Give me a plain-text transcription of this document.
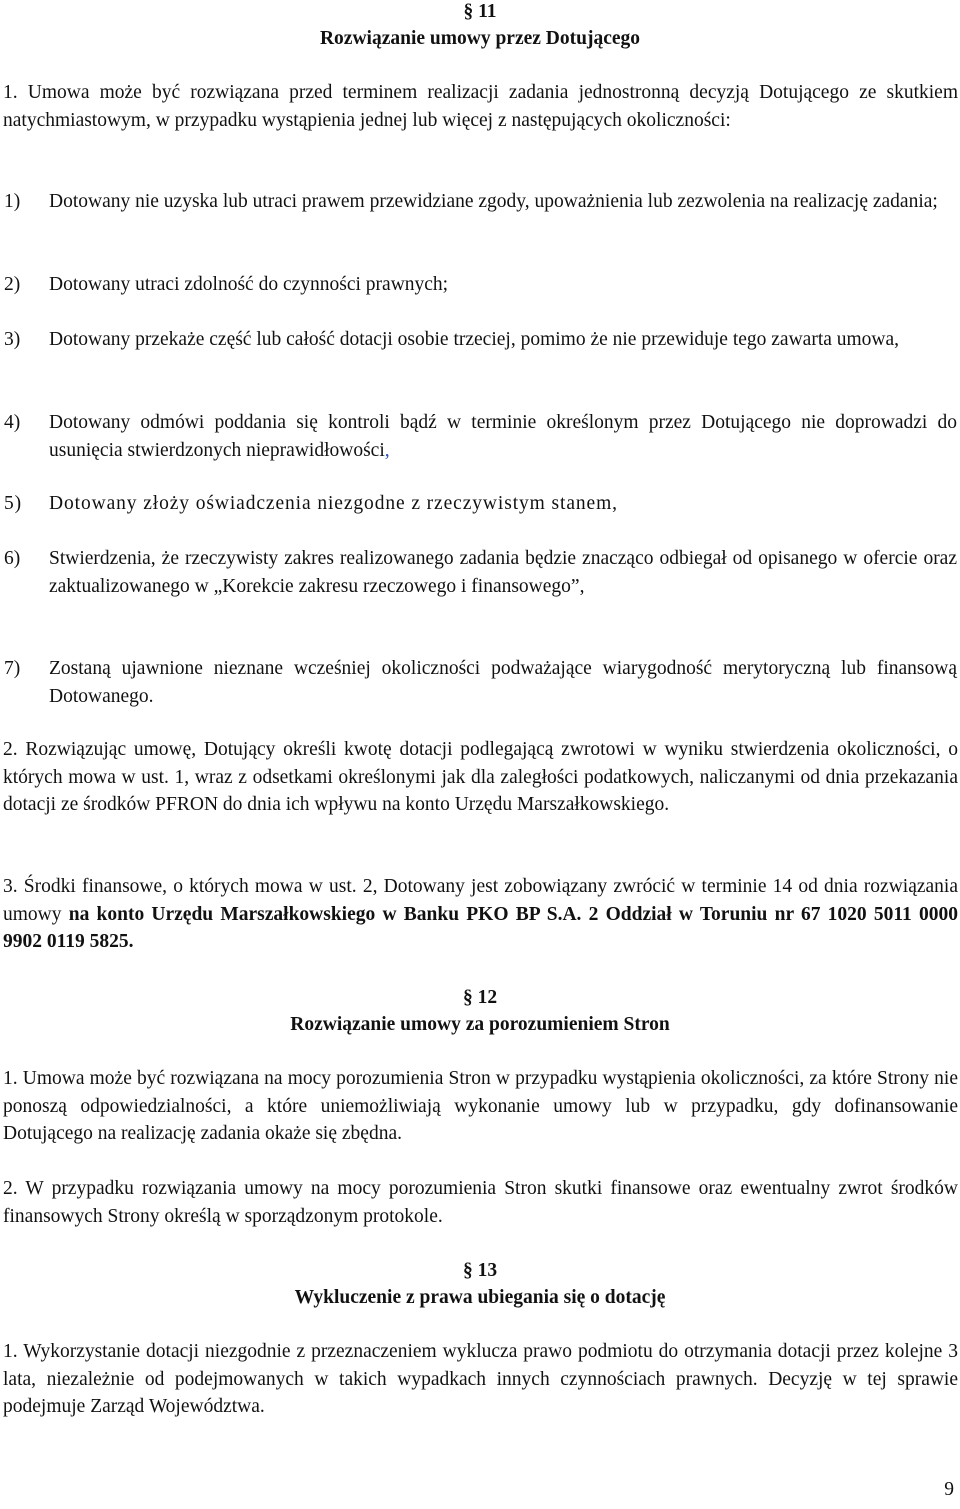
§ 11

Rozwiązanie umowy przez Dotującego

1. Umowa może być rozwiązana przed terminem realizacji zadania jednostronną decyzją Dotującego ze skutkiem natychmiastowym, w przypadku wystąpienia jednej lub więcej z następujących okoliczności:

1) Dotowany nie uzyska lub utraci prawem przewidziane zgody, upoważnienia lub zezwolenia na realizację zadania;

2) Dotowany utraci zdolność do czynności prawnych;

3) Dotowany przekaże część lub całość dotacji osobie trzeciej, pomimo że nie przewiduje tego zawarta umowa,

4) Dotowany odmówi poddania się kontroli bądź w terminie określonym przez Dotującego nie doprowadzi do usunięcia stwierdzonych nieprawidłowości,

5) Dotowany złoży oświadczenia niezgodne z rzeczywistym stanem,

6) Stwierdzenia, że rzeczywisty zakres realizowanego zadania będzie znacząco odbiegał od opisanego w ofercie oraz zaktualizowanego w „Korekcie zakresu rzeczowego i finansowego”,

7) Zostaną ujawnione nieznane wcześniej okoliczności podważające wiarygodność merytoryczną lub finansową Dotowanego.

2. Rozwiązując umowę, Dotujący określi kwotę dotacji podlegającą zwrotowi w wyniku stwierdzenia okoliczności, o których mowa w ust. 1, wraz z odsetkami określonymi jak dla zaległości podatkowych, naliczanymi od dnia przekazania dotacji ze środków PFRON do dnia ich wpływu na konto Urzędu Marszałkowskiego.

3. Środki finansowe, o których mowa w ust. 2, Dotowany jest zobowiązany zwrócić w terminie 14 od dnia rozwiązania umowy na konto Urzędu Marszałkowskiego w Banku PKO BP S.A. 2 Oddział w Toruniu nr 67 1020 5011 0000 9902 0119 5825.

§ 12

Rozwiązanie umowy za porozumieniem Stron

1. Umowa może być rozwiązana na mocy porozumienia Stron w przypadku wystąpienia okoliczności, za które Strony nie ponoszą odpowiedzialności, a które uniemożliwiają wykonanie umowy lub w przypadku, gdy dofinansowanie Dotującego na realizację zadania okaże się zbędna.

2. W przypadku rozwiązania umowy na mocy porozumienia Stron skutki finansowe oraz ewentualny zwrot środków finansowych Strony określą w sporządzonym protokole.

§ 13

Wykluczenie z prawa ubiegania się o dotację

1. Wykorzystanie dotacji niezgodnie z przeznaczeniem wyklucza prawo podmiotu do otrzymania dotacji przez kolejne 3 lata, niezależnie od podejmowanych w takich wypadkach innych czynnościach prawnych. Decyzję w tej sprawie podejmuje Zarząd Województwa.

9
